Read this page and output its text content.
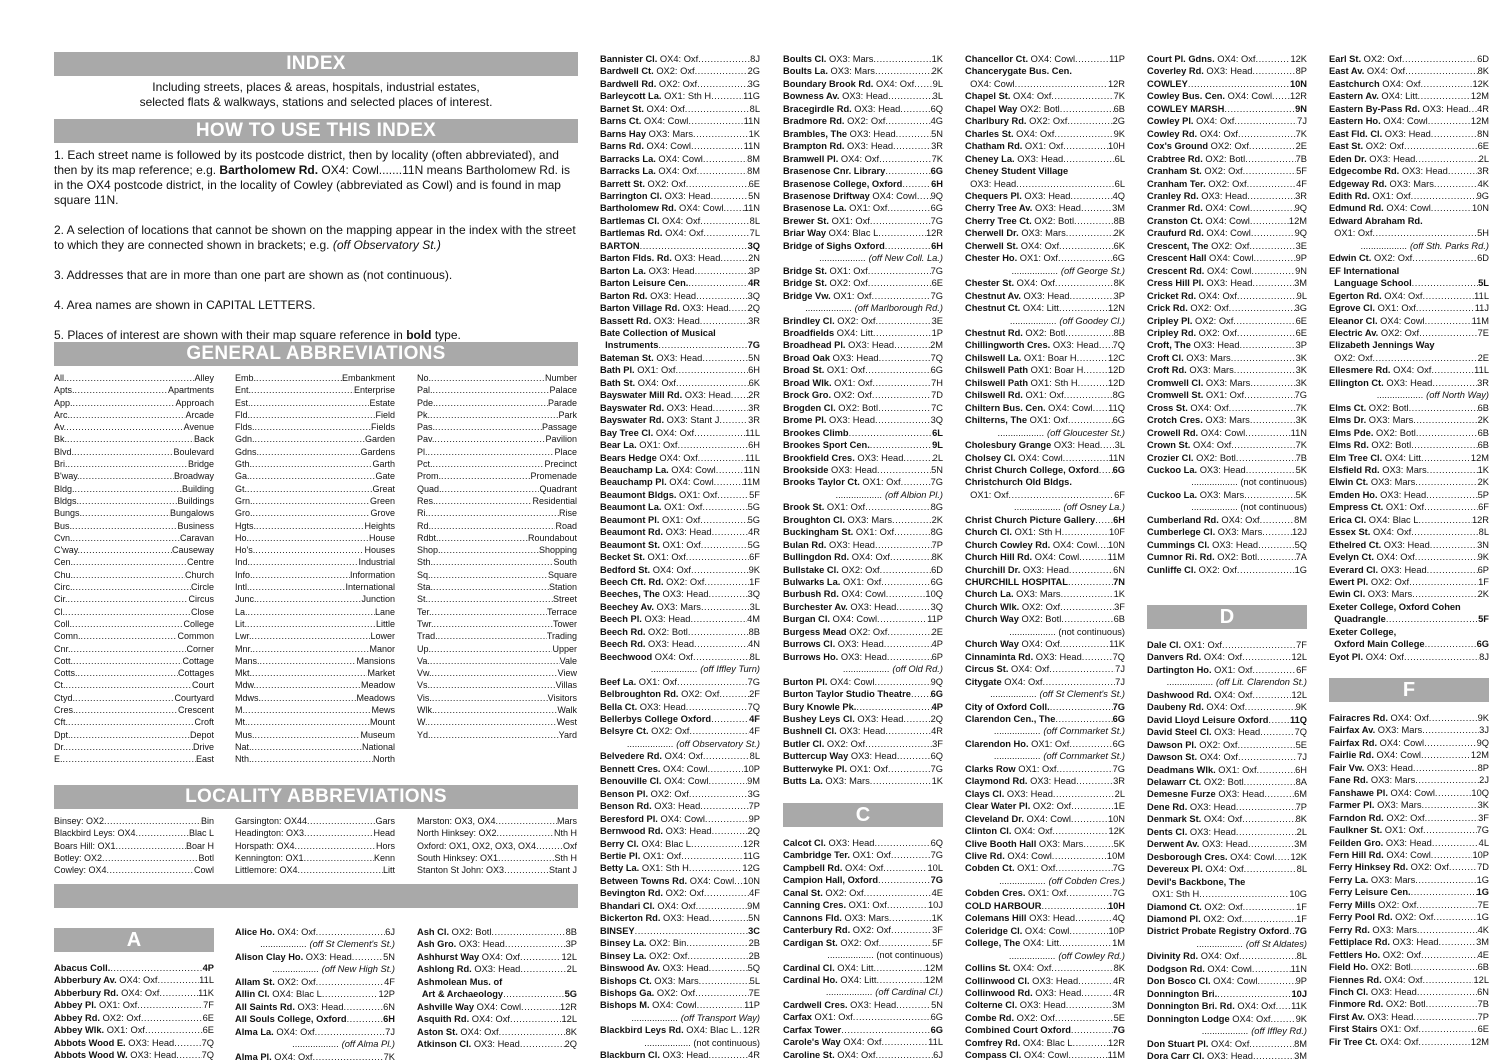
INDEX
Including streets, places & areas, hospitals, industrial estates,
selected flats & walkways, stations and selected places of interest.
HOW TO USE THIS INDEX

1. Each street name is followed by its postcode district, then by locality (often abbreviated), and then by its map reference; e.g. Bartholomew Rd. OX4: Cowl.......11N means Bartholomew Rd. is in the OX4 postcode district, in the locality of Cowley (abbreviated as Cowl) and is found in map square 11N.

2. A selection of locations that cannot be shown on the mapping appear in the index with the street to which they are connected shown in brackets; e.g. (off Observatory St.)

3. Addresses that are in more than one part are shown as (not continuous).

4. Area names are shown in CAPITAL LETTERS.

5. Places of interest are shown with their map square reference in bold type.

GENERAL ABBREVIATIONS
All. .....	Alley
Apts. .....	Apartments
App. .....	Approach
Arc. .....	Arcade
Av. .....	Avenue
Bk. .....	Back
Blvd. .....	Boulevard
Bri. .....	Bridge
B'way. .....	Broadway
Bldg. .....	Building
Bldgs. .....	Buildings
Bungs. .....	Bungalows
Bus. .....	Business
Cvn. .....	Caravan
C'way. .....	Causeway
Cen. .....	Centre
Chu. .....	Church
Circ. .....	Circle
Cir. .....	Circus
Cl. .....	Close
Coll. .....	College
Comn. .....	Common
Cnr. .....	Corner
Cott. .....	Cottage
Cotts. .....	Cottages
Ct. .....	Court
Ctyd. .....	Courtyard
Cres. .....	Crescent
Cft. .....	Croft
Dpt. .....	Depot
Dr. .....	Drive
E. .....	East
Emb. .....	Embankment
Ent. .....	Enterprise
Est. .....	Estate
Fld. .....	Field
Flds. .....	Fields
Gdn. .....	Garden
Gdns. .....	Gardens
Gth. .....	Garth
Ga. .....	Gate
Gt. .....	Great
Grn. .....	Green
Gro. .....	Grove
Hgts. .....	Heights
Ho. .....	House
Ho's. .....	Houses
Ind. .....	Industrial
Info. .....	Information
Intl. .....	International
Junc. .....	Junction
La. .....	Lane
Lit. .....	Little
Lwr. .....	Lower
Mnr. .....	Manor
Mans. .....	Mansions
Mkt. .....	Market
Mdw. .....	Meadow
Mdws. .....	Meadows
M. .....	Mews
Mt. .....	Mount
Mus. .....	Museum
Nat. .....	National
Nth. .....	North
No. .....	Number
Pal. .....	Palace
Pde. .....	Parade
Pk. .....	Park
Pas. .....	Passage
Pav. .....	Pavilion
Pl. .....	Place
Pct. .....	Precinct
Prom. .....	Promenade
Quad. .....	Quadrant
Res. .....	Residential
Ri. .....	Rise
Rd. .....	Road
Rdbt. .....	Roundabout
Shop. .....	Shopping
Sth. .....	South
Sq. .....	Square
Sta. .....	Station
St. .....	Street
Ter. .....	Terrace
Twr. .....	Tower
Trad. .....	Trading
Up. .....	Upper
Va. .....	Vale
Vw. .....	View
Vs. .....	Villas
Vis. .....	Visitors
Wlk. .....	Walk
W. .....	West
Yd. .....	Yard
LOCALITY ABBREVIATIONS
Binsey: OX2 .....	Bin
Blackbird Leys: OX4 .....	Blac L
Boars Hill: OX1 .....	Boar H
Botley: OX2 .....	Botl
Cowley: OX4 .....	Cowl
Garsington: OX44 .....	Gars
Headington: OX3 .....	Head
Horspath: OX4 .....	Hors
Kennington: OX1 .....	Kenn
Littlemore: OX4 .....	Litt
Marston: OX3, OX4 .....	Mars
North Hinksey: OX2 .....	Nth H
Oxford: OX1, OX2, OX3, OX4 .....	Oxf
South Hinksey: OX1 .....	Sth H
Stanton St John: OX3 .....	Stant J
A
Abacus Coll. .....	4P
Abberbury Av. OX4: Oxf .....	11L
Abberbury Rd. OX4: Oxf .....	11K
Abbey Pl. OX1: Oxf .....	7F
Abbey Rd. OX2: Oxf .....	6E
Abbey Wlk. OX1: Oxf .....	6E
Abbots Wood E. OX3: Head .....	7Q
Abbots Wood W. OX3: Head .....	7Q
Alice Ho. OX4: Oxf .....	6J
.................. (off St Clement's St.)
Alison Clay Ho. OX3: Head .....	5N
.................. (off New High St.)
Allam St. OX2: Oxf .....	4F
Allin Cl. OX4: Blac L .....	12P
All Saints Rd. OX3: Head .....	6N
All Souls College, Oxford .....	6H
Alma La. OX4: Oxf .....	7J
.................. (off Alma Pl.)
Alma Pl. OX4: Oxf .....	7K
Ash Cl. OX2: Botl .....	8B
Ash Gro. OX3: Head .....	3P
Ashhurst Way OX4: Oxf .....	12L
Ashlong Rd. OX3: Head .....	2L
Ashmolean Mus. of
Art & Archaeology .....	5G
Ashville Way OX4: Cowl .....	12R
Asquith Rd. OX4: Oxf .....	12L
Aston St. OX4: Oxf .....	8K
Atkinson Cl. OX3: Head .....	2Q
Bannister Cl. OX4: Oxf .....	8J
Bardwell Ct. OX2: Oxf .....	2G
Bardwell Rd. OX2: Oxf .....	3G
Barleycott La. OX1: Sth H .....	11G
Barnet St. OX4: Oxf .....	8L
Barns Ct. OX4: Cowl .....	11N
Barns Hay OX3: Mars .....	1K
Barns Rd. OX4: Cowl .....	11N
Barracks La. OX4: Cowl .....	8M
Barracks La. OX4: Oxf .....	8M
Barrett St. OX2: Oxf .....	6E
Barrington Cl. OX3: Head .....	5N
Bartholomew Rd. OX4: Cowl ..... 11N
Bartlemas Cl. OX4: Oxf .....	8L
Bartlemas Rd. OX4: Oxf .....	7L
BARTON .....	3Q
Barton Flds. Rd. OX3: Head .....	2N
Barton La. OX3: Head .....	3P
Barton Leisure Cen. .....	4R
Barton Rd. OX3: Head .....	3Q
Barton Village Rd. OX3: Head ..... 2Q
Bassett Rd. OX3: Head .....	3R
Bate Collection of Musical
Instruments .....	7G
Bateman St. OX3: Head .....	5N
Bath Pl. OX1: Oxf .....	6H
Bath St. OX4: Oxf .....	6K
Bayswater Mill Rd. OX3: Head ..... 2R
Bayswater Rd. OX3: Head .....	3R
Bayswater Rd. OX3: Stant J .....	3R
Bay Tree Cl. OX4: Oxf .....	11L
Bear La. OX1: Oxf .....	6H
Bears Hedge OX4: Oxf .....	11L
Beauchamp La. OX4: Cowl .....	11N
Beauchamp Pl. OX4: Cowl .....	11M
Beaumont Bldgs. OX1: Oxf .....	5F
Beaumont La. OX1: Oxf .....	5G
Beaumont Pl. OX1: Oxf .....	5G
Beaumont Rd. OX3: Head .....	4R
Beaumont St. OX1: Oxf .....	5G
Becket St. OX1: Oxf .....	6F
Bedford St. OX4: Oxf .....	9K
Beech Cft. Rd. OX2: Oxf .....	1F
Beeches, The OX3: Head .....	3Q
Beechey Av. OX3: Mars .....	3L
Beech Pl. OX3: Head .....	4M
Beech Rd. OX2: Botl .....	8B
Beech Rd. OX3: Head .....	4N
Beechwood OX4: Oxf .....	8L
.................. (off Iffley Turn)
Beef La. OX1: Oxf .....	7G
Belbroughton Rd. OX2: Oxf .....	2F
Bella Ct. OX3: Head .....	7Q
Bellerbys College Oxford .....	4F
Belsyre Ct. OX2: Oxf .....	4F
.................. (off Observatory St.)
Belvedere Rd. OX4: Oxf .....	8L
Bennett Cres. OX4: Cowl .....	10P
Benouville Cl. OX4: Cowl .....	9M
Benson Pl. OX2: Oxf .....	3G
Benson Rd. OX3: Head .....	7P
Beresford Pl. OX4: Cowl .....	9P
Bernwood Rd. OX3: Head .....	2Q
Berry Cl. OX4: Blac L .....	12R
Bertie Pl. OX1: Oxf .....	11G
Betty La. OX1: Sth H .....	12G
Between Towns Rd. OX4: Cowl ..... 10N
Bevington Rd. OX2: Oxf .....	4F
Bhandari Cl. OX4: Oxf .....	9M
Bickerton Rd. OX3: Head .....	5N
BINSEY .....	3C
Binsey La. OX2: Bin .....	2B
Binsey La. OX2: Oxf .....	2B
Binswood Av. OX3: Head .....	5Q
Bishops Ct. OX3: Mars .....	5L
Bishops Ga. OX2: Oxf .....	7E
Bishops M. OX4: Cowl .....	11P
.................. (off Transport Way)
Blackbird Leys Rd. OX4: Blac L ..... 12R
.................. (not continuous)
Blackburn Cl. OX3: Head .....	4R
Boults Cl. OX3: Mars .....	1K
Boults La. OX3: Mars .....	2K
Boundary Brook Rd. OX4: Oxf ..... 9L
Bowness Av. OX3: Head .....	3L
Bracegirdle Rd. OX3: Head .....	6Q
Bradmore Rd. OX2: Oxf .....	4G
Brambles, The OX3: Head .....	5N
Brampton Rd. OX3: Head .....	3R
Bramwell Pl. OX4: Oxf .....	7K
Brasenose Cnr. Library .....	6G
Brasenose College, Oxford .....	6H
Brasenose Driftway OX4: Cowl ..... 9Q
Brasenose La. OX1: Oxf .....	6G
Brewer St. OX1: Oxf .....	7G
Briar Way OX4: Blac L .....	12R
Bridge of Sighs Oxford .....	6H
.................. (off New Coll. La.)
Bridge St. OX1: Oxf .....	7G
Bridge St. OX2: Oxf .....	6E
Bridge Vw. OX1: Oxf .....	7G
.................. (off Marlborough Rd.)
Brindley Cl. OX2: Oxf .....	3E
Broadfields OX4: Litt .....	1P
Broadhead Pl. OX3: Head .....	2M
Broad Oak OX3: Head .....	7Q
Broad St. OX1: Oxf .....	6G
Broad Wlk. OX1: Oxf .....	7H
Brock Gro. OX2: Oxf .....	7D
Brogden Cl. OX2: Botl .....	7C
Brome Pl. OX3: Head .....	3Q
Brookes Climb .....	6L
Brookes Sport Cen. .....	9L
Brookfield Cres. OX3: Head .....	2L
Brookside OX3: Head .....	5N
Brooks Taylor Ct. OX1: Oxf .....	7G
.................. (off Albion Pl.)
Brook St. OX1: Oxf .....	8G
Broughton Cl. OX3: Mars .....	2K
Buckingham St. OX1: Oxf .....	8G
Bulan Rd. OX3: Head .....	7P
Bullingdon Rd. OX4: Oxf .....	8K
Bullstake Cl. OX2: Oxf .....	6D
Bulwarks La. OX1: Oxf .....	6G
Burbush Rd. OX4: Cowl .....	10Q
Burchester Av. OX3: Head .....	3Q
Burgan Cl. OX4: Cowl .....	11P
Burgess Mead OX2: Oxf .....	2E
Burrows Cl. OX3: Head .....	4P
Burrows Ho. OX3: Head .....	6P
.................. (off Old Rd.)
Burton Pl. OX4: Cowl .....	9Q
Burton Taylor Studio Theatre ..... 6G
Bury Knowle Pk. .....	4P
Bushey Leys Cl. OX3: Head .....	2Q
Bushnell Cl. OX3: Head .....	4R
Butler Cl. OX2: Oxf .....	3F
Buttercup Way OX3: Head .....	6Q
Butterwyke Pl. OX1: Oxf .....	7G
Butts La. OX3: Mars .....	1K
C
Calcot Cl. OX3: Head .....	6Q
Cambridge Ter. OX1: Oxf .....	7G
Campbell Rd. OX4: Oxf .....	10L
Campion Hall, Oxford .....	7G
Canal St. OX2: Oxf .....	4E
Canning Cres. OX1: Oxf .....	10J
Cannons Fld. OX3: Mars .....	1K
Canterbury Rd. OX2: Oxf .....	3F
Cardigan St. OX2: Oxf .....	5F
.................. (not continuous)
Cardinal Cl. OX4: Litt .....	12M
Cardinal Ho. OX4: Litt .....	12M
.................. (off Cardinal Cl.)
Cardwell Cres. OX3: Head .....	5N
Carfax OX1: Oxf .....	6G
Carfax Tower .....	6G
Carole's Way OX4: Oxf .....	11L
Caroline St. OX4: Oxf .....	6J
Chancellor Ct. OX4: Cowl .....	11P
Chancerygate Bus. Cen.
OX4: Cowl .....	12R
Chapel St. OX4: Oxf .....	7K
Chapel Way OX2: Botl .....	6B
Charlbury Rd. OX2: Oxf .....	2G
Charles St. OX4: Oxf .....	9K
Chatham Rd. OX1: Oxf .....	10H
Cheney La. OX3: Head .....	6L
Cheney Student Village
OX3: Head .....	6L
Chequers Pl. OX3: Head .....	4Q
Cherry Tree Av. OX3: Head .....	3M
Cherry Tree Ct. OX2: Botl .....	8B
Cherwell Dr. OX3: Mars .....	2K
Cherwell St. OX4: Oxf .....	6K
Chester Ho. OX1: Oxf .....	6G
.................. (off George St.)
Chester St. OX4: Oxf .....	8K
Chestnut Av. OX3: Head .....	3P
Chestnut Ct. OX4: Litt .....	12N
.................. (off Goodey Cl.)
Chestnut Rd. OX2: Botl .....	8B
Chillingworth Cres. OX3: Head ..... 7Q
Chilswell La. OX1: Boar H .....	12C
Chilswell Path OX1: Boar H .....	12D
Chilswell Path OX1: Sth H .....	12D
Chilswell Rd. OX1: Oxf .....	8G
Chiltern Bus. Cen. OX4: Cowl ..... 11Q
Chilterns, The OX1: Oxf .....	6G
.................. (off Gloucester St.)
Cholesbury Grange OX3: Head ..... 3L
Cholsey Cl. OX4: Cowl .....	11N
Christ Church College, Oxford ..... 6G
Christchurch Old Bldgs.
OX1: Oxf .....	6F
.................. (off Osney La.)
Christ Church Picture Gallery ..... 6H
Church Cl. OX1: Sth H .....	10F
Church Cowley Rd. OX4: Cowl ..... 10N
Church Hill Rd. OX4: Cowl .....	11M
Churchill Dr. OX3: Head .....	6N
CHURCHILL HOSPITAL .....	7N
Church La. OX3: Mars .....	1K
Church Wlk. OX2: Oxf .....	3F
Church Way OX2: Botl .....	6B
.................. (not continuous)
Church Way OX4: Oxf .....	11K
Cinnaminta Rd. OX3: Head .....	7Q
Circus St. OX4: Oxf .....	7J
Citygate OX4: Oxf .....	7J
.................. (off St Clement's St.)
City of Oxford Coll. .....	7G
Clarendon Cen., The .....	6G
.................. (off Cornmarket St.)
Clarendon Ho. OX1: Oxf .....	6G
.................. (off Cornmarket St.)
Clarks Row OX1: Oxf .....	7G
Claymond Rd. OX3: Head .....	3R
Clays Cl. OX3: Head .....	2L
Clear Water Pl. OX2: Oxf .....	1E
Cleveland Dr. OX4: Cowl .....	10N
Clinton Cl. OX4: Oxf .....	12K
Clive Booth Hall OX3: Mars .....	5K
Clive Rd. OX4: Cowl .....	10M
Cobden Ct. OX1: Oxf .....	7G
.................. (off Cobden Cres.)
Cobden Cres. OX1: Oxf .....	7G
COLD HARBOUR .....	10H
Colemans Hill OX3: Head .....	4Q
Coleridge Cl. OX4: Cowl .....	10P
College, The OX4: Litt .....	1M
.................. (off Cowley Rd.)
Collins St. OX4: Oxf .....	8K
Collinwood Cl. OX3: Head .....	4R
Collinwood Rd. OX3: Head .....	4R
Colterne Cl. OX3: Head .....	3M
Combe Rd. OX2: Oxf .....	5E
Combined Court Oxford .....	7G
Comfrey Rd. OX4: Blac L .....	12R
Compass Cl. OX4: Cowl .....	11M
Court Pl. Gdns. OX4: Oxf .....	12K
Coverley Rd. OX3: Head .....	8P
COWLEY .....	10N
Cowley Bus. Cen. OX4: Cowl ..... 12R
COWLEY MARSH .....	9N
Cowley Pl. OX4: Oxf .....	7J
Cowley Rd. OX4: Oxf .....	7K
Cox's Ground OX2: Oxf .....	2E
Crabtree Rd. OX2: Botl .....	7B
Cranham St. OX2: Oxf .....	5F
Cranham Ter. OX2: Oxf .....	4F
Cranley Rd. OX3: Head .....	3R
Cranmer Rd. OX4: Cowl .....	9Q
Cranston Ct. OX4: Cowl .....	12M
Craufurd Rd. OX4: Cowl .....	9Q
Crescent, The OX2: Oxf .....	3E
Crescent Hall OX4: Cowl .....	9P
Crescent Rd. OX4: Cowl .....	9N
Cress Hill Pl. OX3: Head .....	3M
Cricket Rd. OX4: Oxf .....	9L
Crick Rd. OX2: Oxf .....	3G
Cripley Pl. OX2: Oxf .....	6E
Cripley Rd. OX2: Oxf .....	6E
Croft, The OX3: Head .....	3P
Croft Cl. OX3: Mars .....	3K
Croft Rd. OX3: Mars .....	3K
Cromwell Cl. OX3: Mars .....	3K
Cromwell St. OX1: Oxf .....	7G
Cross St. OX4: Oxf .....	7K
Crotch Cres. OX3: Mars .....	3K
Crowell Rd. OX4: Cowl .....	11N
Crown St. OX4: Oxf .....	7K
Crozier Cl. OX2: Botl .....	7B
Cuckoo La. OX3: Head .....	5K
.................. (not continuous)
Cuckoo La. OX3: Mars .....	5K
.................. (not continuous)
Cumberland Rd. OX4: Oxf .....	8M
Cumberlege Cl. OX3: Mars .....	12J
Cummings Cl. OX3: Head .....	5Q
Cumnor Ri. Rd. OX2: Botl .....	7A
Cunliffe Cl. OX2: Oxf .....	1G
D
Dale Cl. OX1: Oxf .....	7F
Danvers Rd. OX4: Oxf .....	12L
Dartington Ho. OX1: Oxf .....	6F
.................. (off Lit. Clarendon St.)
Dashwood Rd. OX4: Oxf .....	12L
Daubeny Rd. OX4: Oxf .....	9K
David Lloyd Leisure Oxford ..... 11Q
David Steel Cl. OX3: Head .....	7Q
Dawson Pl. OX2: Oxf .....	5E
Dawson St. OX4: Oxf .....	7J
Deadmans Wlk. OX1: Oxf .....	6H
Delawarr Ct. OX2: Botl .....	8A
Demesne Furze OX3: Head .....	6M
Dene Rd. OX3: Head .....	7P
Denmark St. OX4: Oxf .....	8K
Dents Cl. OX3: Head .....	2L
Derwent Av. OX3: Head .....	3M
Desborough Cres. OX4: Cowl ..... 12K
Devereux Pl. OX4: Oxf .....	8L
Devil's Backbone, The
OX1: Sth H .....	10G
Diamond Ct. OX2: Oxf .....	1F
Diamond Pl. OX2: Oxf .....	1F
District Probate Registry Oxford ..... 7G
.................. (off St Aldates)
Divinity Rd. OX4: Oxf .....	8L
Dodgson Rd. OX4: Cowl .....	11N
Don Bosco Cl. OX4: Cowl .....	9P
Donnington Bri. .....	10J
Donnington Bri. Rd. OX4: Oxf ..... 11K
Donnington Lodge OX4: Oxf .....	9K
.................. (off Iffley Rd.)
Don Stuart Pl. OX4: Oxf .....	8M
Dora Carr Cl. OX3: Head .....	3M
Earl St. OX2: Oxf .....	6D
East Av. OX4: Oxf .....	8K
Eastchurch OX4: Oxf .....	12K
Eastern Av. OX4: Litt .....	12M
Eastern By-Pass Rd. OX3: Head ..... 4R
Eastern Ho. OX4: Cowl .....	12M
East Fld. Cl. OX3: Head .....	8N
East St. OX2: Oxf .....	6E
Eden Dr. OX3: Head .....	2L
Edgecombe Rd. OX3: Head .....	3R
Edgeway Rd. OX3: Mars .....	4K
Edith Rd. OX1: Oxf .....	9G
Edmund Rd. OX4: Cowl .....	10N
Edward Abraham Rd.
OX1: Oxf .....	5H
.................. (off Sth. Parks Rd.)
Edwin Ct. OX2: Oxf .....	6D
EF International
Language School .....	5L
Egerton Rd. OX4: Oxf .....	11L
Egrove Cl. OX1: Oxf .....	11J
Eleanor Cl. OX4: Cowl .....	11M
Electric Av. OX2: Oxf .....	7E
Elizabeth Jennings Way
OX2: Oxf .....	2E
Ellesmere Rd. OX4: Oxf .....	11L
Ellington Ct. OX3: Head .....	3R
.................. (off North Way)
Elms Ct. OX2: Botl .....	6B
Elms Dr. OX3: Mars .....	2K
Elms Pde. OX2: Botl .....	6B
Elms Rd. OX2: Botl .....	6B
Elm Tree Cl. OX4: Litt .....	12M
Elsfield Rd. OX3: Mars .....	1K
Elwin Ct. OX3: Mars .....	2K
Emden Ho. OX3: Head .....	5P
Empress Ct. OX1: Oxf .....	6F
Erica Cl. OX4: Blac L .....	12R
Essex St. OX4: Oxf .....	8L
Ethelred Ct. OX3: Head .....	3N
Evelyn Ct. OX4: Oxf .....	9K
Everard Cl. OX3: Head .....	6P
Ewert Pl. OX2: Oxf .....	1F
Ewin Cl. OX3: Mars .....	2K
Exeter College, Oxford Cohen
Quadrangle .....	5F
Exeter College,
Oxford Main College .....	6G
Eyot Pl. OX4: Oxf .....	8J
F
Fairacres Rd. OX4: Oxf .....	9K
Fairfax Av. OX3: Mars .....	3J
Fairfax Rd. OX4: Cowl .....	9Q
Fairlie Rd. OX4: Cowl .....	12M
Fair Vw. OX3: Head .....	8P
Fane Rd. OX3: Mars .....	2J
Fanshawe Pl. OX4: Cowl .....	10Q
Farmer Pl. OX3: Mars .....	3K
Farndon Rd. OX2: Oxf .....	3F
Faulkner St. OX1: Oxf .....	7G
Feilden Gro. OX3: Head .....	4L
Fern Hill Rd. OX4: Cowl .....	10P
Ferry Hinksey Rd. OX2: Oxf .....	7D
Ferry La. OX3: Mars .....	1G
Ferry Leisure Cen. .....	1G
Ferry Mills OX2: Oxf .....	7E
Ferry Pool Rd. OX2: Oxf .....	1G
Ferry Rd. OX3: Mars .....	4K
Fettiplace Rd. OX3: Head .....	3M
Fettlers Ho. OX2: Oxf .....	4E
Field Ho. OX2: Botl .....	6B
Fiennes Rd. OX4: Oxf .....	12L
Finch Cl. OX3: Head .....	6N
Finmore Rd. OX2: Botl .....	7B
First Av. OX3: Head .....	7P
First Stairs OX1: Oxf .....	6E
Fir Tree Ct. OX4: Oxf .....	12M
